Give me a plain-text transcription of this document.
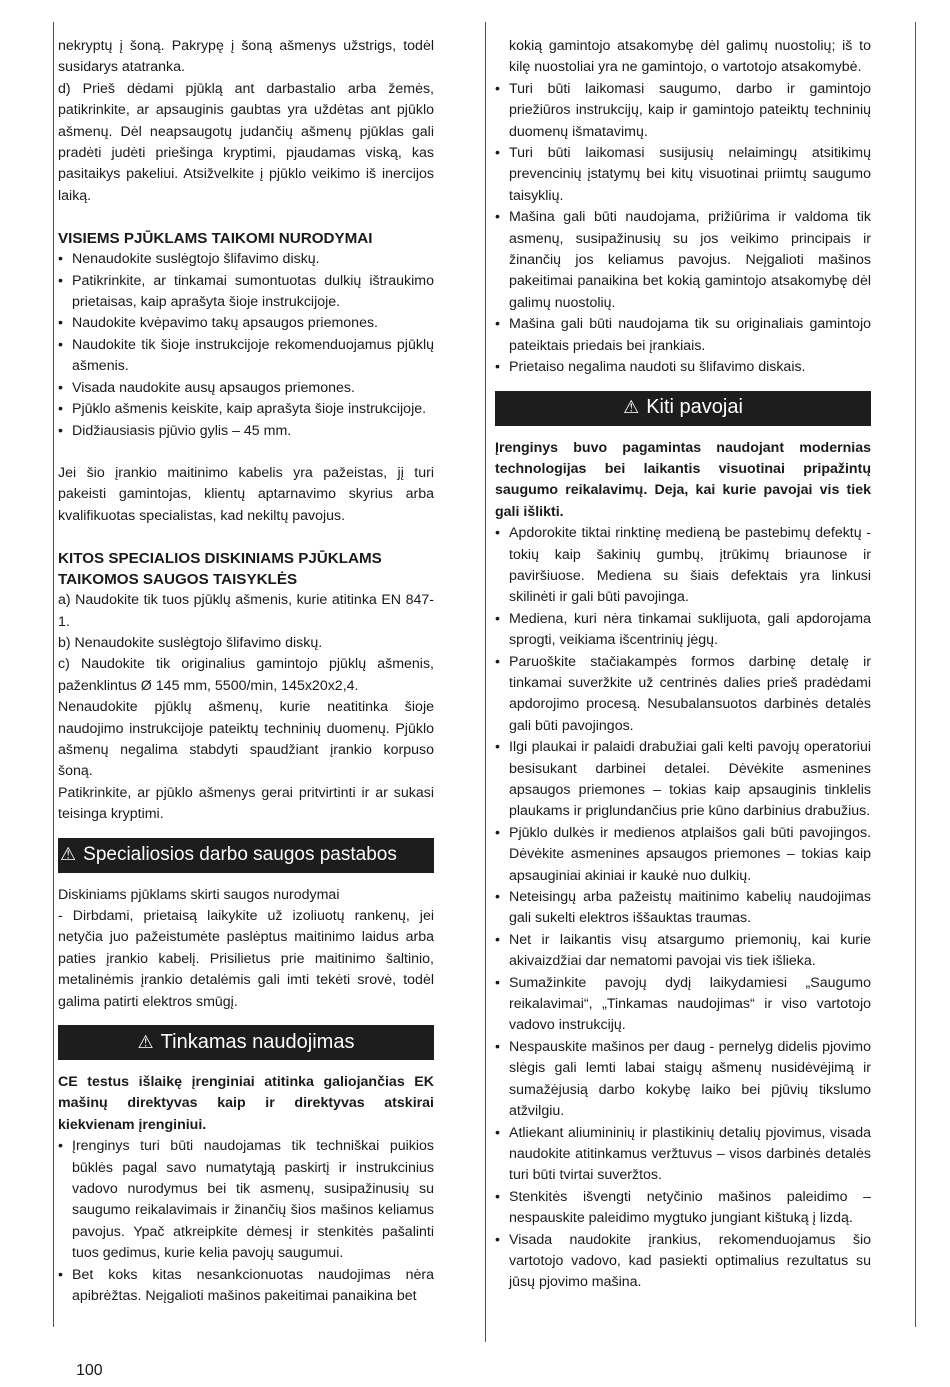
nekryptų į šoną. Pakrypę į šoną ašmenys užstrigs, todėl susidarys atatranka.

d) Prieš dėdami pjūklą ant darbastalio arba žemės, patikrinkite, ar apsauginis gaubtas yra uždėtas ant pjūklo ašmenų. Dėl neapsaugotų judančių ašmenų pjūklas gali pradėti judėti priešinga kryptimi, pjaudamas viską, kas pasitaikys pakeliui. Atsižvelkite į pjūklo veikimo iš inercijos laiką.

VISIEMS PJŪKLAMS TAIKOMI NURODYMAI

• Nenaudokite suslėgtojo šlifavimo diskų.
• Patikrinkite, ar tinkamai sumontuotas dulkių ištraukimo prietaisas, kaip aprašyta šioje instrukcijoje.
• Naudokite kvėpavimo takų apsaugos priemones.
• Naudokite tik šioje instrukcijoje rekomenduojamus pjūklų ašmenis.
• Visada naudokite ausų apsaugos priemones.
• Pjūklo ašmenis keiskite, kaip aprašyta šioje instrukcijoje.
• Didžiausiasis pjūvio gylis – 45 mm.

Jei šio įrankio maitinimo kabelis yra pažeistas, jį turi pakeisti gamintojas, klientų aptarnavimo skyrius arba kvalifikuotas specialistas, kad nekiltų pavojus.

KITOS SPECIALIOS DISKINIAMS PJŪKLAMS TAIKOMOS SAUGOS TAISYKLĖS

a) Naudokite tik tuos pjūklų ašmenis, kurie atitinka EN 847-1.

b) Nenaudokite suslėgtojo šlifavimo diskų.

c) Naudokite tik originalius gamintojo pjūklų ašmenis, paženklintus Ø 145 mm, 5500/min, 145x20x2,4.

Nenaudokite pjūklų ašmenų, kurie neatitinka šioje naudojimo instrukcijoje pateiktų techninių duomenų. Pjūklo ašmenų negalima stabdyti spaudžiant įrankio korpuso šoną.

Patikrinkite, ar pjūklo ašmenys gerai pritvirtinti ir ar sukasi teisinga kryptimi.

⚠ Specialiosios darbo saugos pastabos

Diskiniams pjūklams skirti saugos nurodymai

- Dirbdami, prietaisą laikykite už izoliuotų rankenų, jei netyčia juo pažeistumėte paslėptus maitinimo laidus arba paties įrankio kabelį. Prisilietus prie maitinimo šaltinio, metalinėmis įrankio detalėmis gali imti tekėti srovė, todėl galima patirti elektros smūgį.

⚠ Tinkamas naudojimas

CE testus išlaikę įrenginiai atitinka galiojančias EK mašinų direktyvas kaip ir direktyvas atskirai kiekvienam įrenginiui.

• Įrenginys turi būti naudojamas tik techniškai puikios būklės pagal savo numatytąją paskirtį ir instrukcinius vadovo nurodymus bei tik asmenų, susipažinusių su saugumo reikalavimais ir žinančių šios mašinos keliamus pavojus. Ypač atkreipkite dėmesį ir stenkitės pašalinti tuos gedimus, kurie kelia pavojų saugumui.
• Bet koks kitas nesankcionuotas naudojimas nėra apibrėžtas. Neįgalioti mašinos pakeitimai panaikina bet

kokią gamintojo atsakomybę dėl galimų nuostolių; iš to kilę nuostoliai yra ne gamintojo, o vartotojo atsakomybė.

• Turi būti laikomasi saugumo, darbo ir gamintojo priežiūros instrukcijų, kaip ir gamintojo pateiktų techninių duomenų išmatavimų.
• Turi būti laikomasi susijusių nelaimingų atsitikimų prevencinių įstatymų bei kitų visuotinai priimtų saugumo taisyklių.
• Mašina gali būti naudojama, prižiūrima ir valdoma tik asmenų, susipažinusių su jos veikimo principais ir žinančių jos keliamus pavojus. Neįgalioti mašinos pakeitimai panaikina bet kokią gamintojo atsakomybę dėl galimų nuostolių.
• Mašina gali būti naudojama tik su originaliais gamintojo pateiktais priedais bei įrankiais.
• Prietaiso negalima naudoti su šlifavimo diskais.
⚠ Kiti pavojai

Įrenginys buvo pagamintas naudojant modernias technologijas bei laikantis visuotinai pripažintų saugumo reikalavimų. Deja, kai kurie pavojai vis tiek gali išlikti.

• Apdorokite tiktai rinktinę medieną be pastebimų defektų - tokių kaip šakinių gumbų, įtrūkimų briaunose ir paviršiuose. Mediena su šiais defektais yra linkusi skilinėti ir gali būti pavojinga.
• Mediena, kuri nėra tinkamai suklijuota, gali apdorojama sprogti, veikiama išcentrinių jėgų.
• Paruoškite stačiakampės formos darbinę detalę ir tinkamai suveržkite už centrinės dalies prieš pradėdami apdorojimo procesą. Nesubalansuotos darbinės detalės gali būti pavojingos.
• Ilgi plaukai ir palaidi drabužiai gali kelti pavojų operatoriui besisukant darbinei detalei. Dėvėkite asmenines apsaugos priemones – tokias kaip apsauginis tinklelis plaukams ir priglundančius prie kūno darbinius drabužius.
• Pjūklo dulkės ir medienos atplaišos gali būti pavojingos. Dėvėkite asmenines apsaugos priemones – tokias kaip apsauginiai akiniai ir kaukė nuo dulkių.
• Neteisingų arba pažeistų maitinimo kabelių naudojimas gali sukelti elektros iššauktas traumas.
• Net ir laikantis visų atsargumo priemonių, kai kurie akivaizdžiai dar nematomi pavojai vis tiek išlieka.
• Sumažinkite pavojų dydį laikydamiesi „Saugumo reikalavimai“, „Tinkamas naudojimas“ ir viso vartotojo vadovo instrukcijų.
• Nespauskite mašinos per daug - pernelyg didelis pjovimo slėgis gali lemti labai staigų ašmenų nusidėvėjimą ir sumažėjusią darbo kokybę laiko bei pjūvių tikslumo atžvilgiu.
• Atliekant aliumininių ir plastikinių detalių pjovimus, visada naudokite atitinkamus veržtuvus – visos darbinės detalės turi būti tvirtai suveržtos.
• Stenkitės išvengti netyčinio mašinos paleidimo – nespauskite paleidimo mygtuko jungiant kištuką į lizdą.
• Visada naudokite įrankius, rekomenduojamus šio vartotojo vadovo, kad pasiekti optimalius rezultatus su jūsų pjovimo mašina.
100
